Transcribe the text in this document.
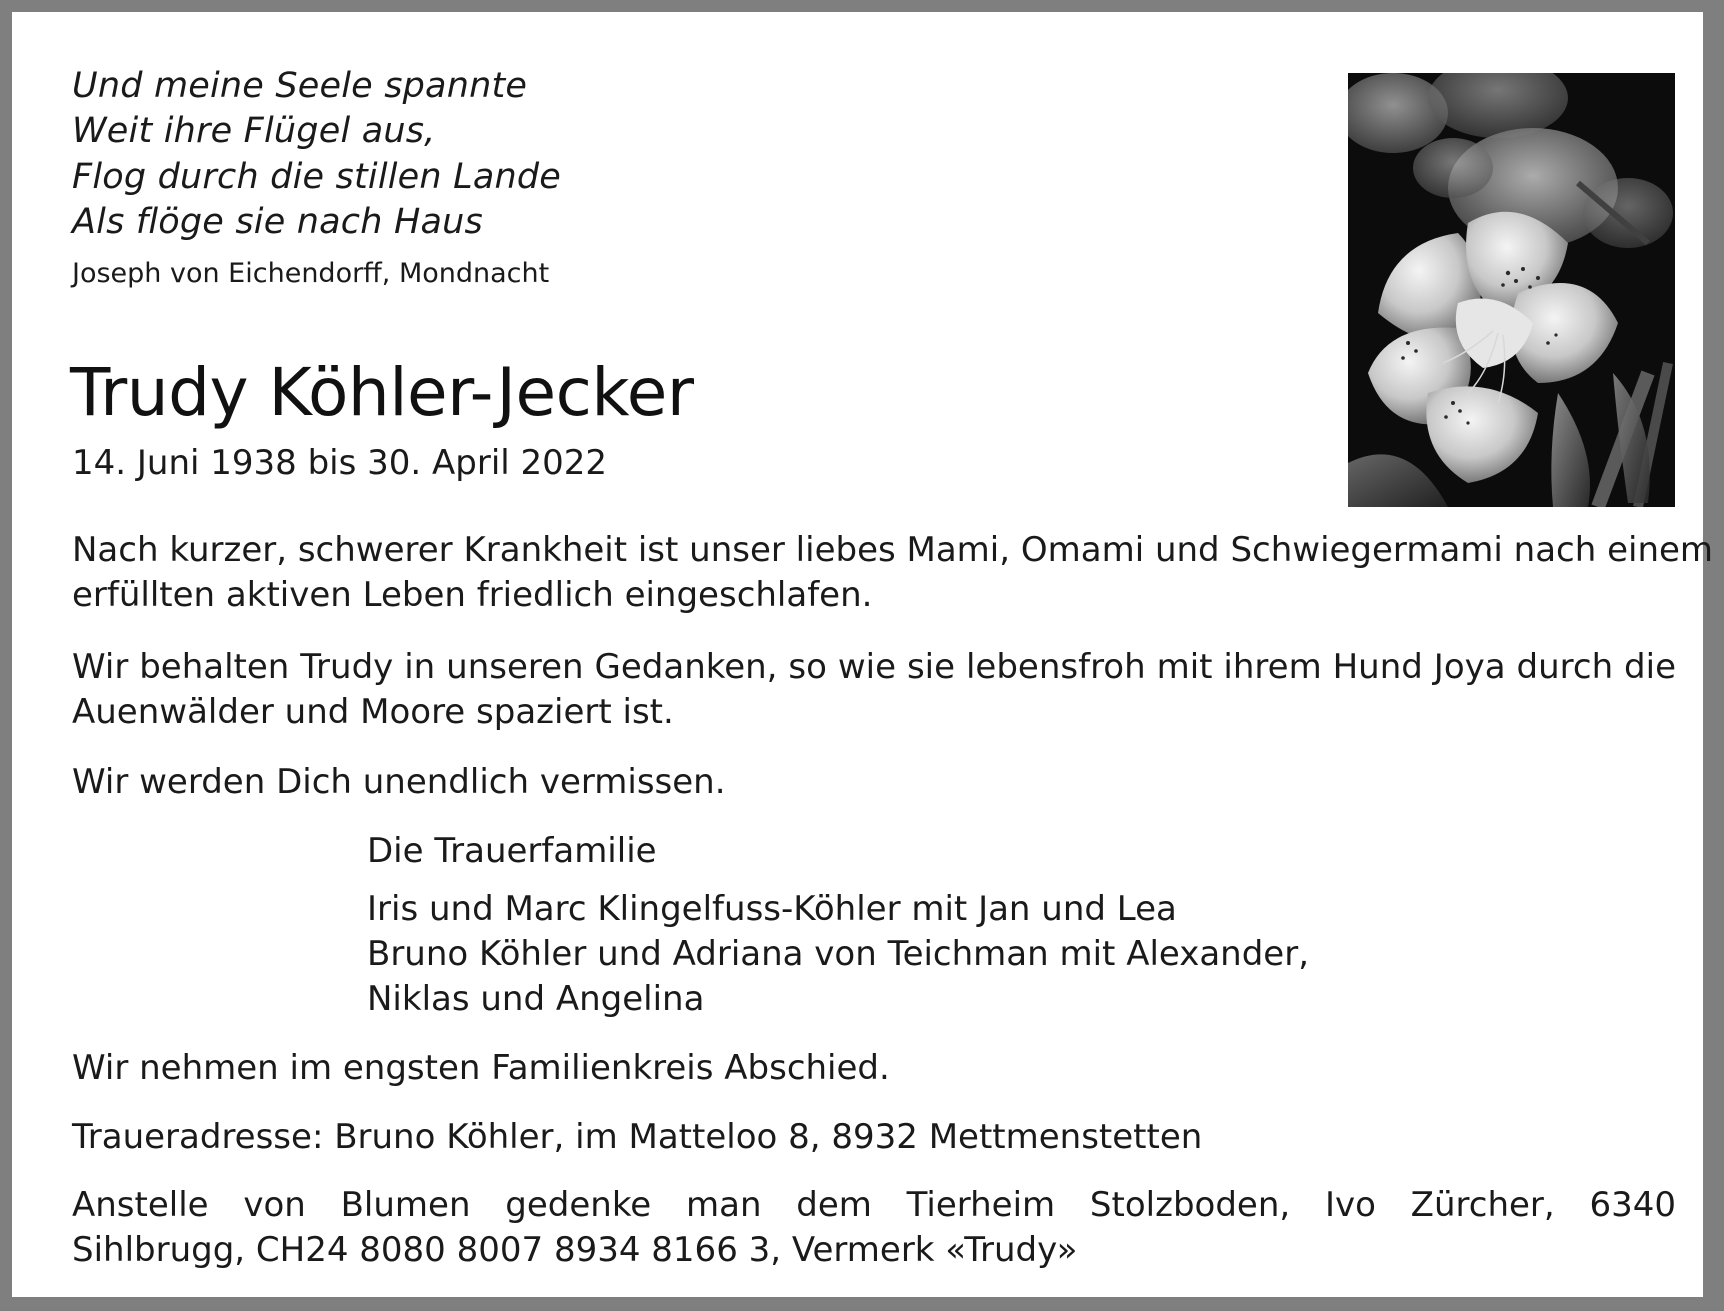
Und meine Seele spannte

Weit ihre Flügel aus,

Flog durch die stillen Lande

Als flöge sie nach Haus

Joseph von Eichendorff, Mondnacht

Trudy Köhler-Jecker

14. Juni 1938 bis 30. April 2022

Nach kurzer, schwerer Krankheit ist unser liebes Mami, Omami und Schwiegermami nach einem

erfüllten aktiven Leben friedlich eingeschlafen.

Wir behalten Trudy in unseren Gedanken, so wie sie lebensfroh mit ihrem Hund Joya durch die

Auenwälder und Moore spaziert ist.

Wir werden Dich unendlich vermissen.

Die Trauerfamilie

Iris und Marc Klingelfuss-Köhler mit Jan und Lea

Bruno Köhler und Adriana von Teichman mit Alexander,

Niklas und Angelina

Wir nehmen im engsten Familienkreis Abschied.

Traueradresse: Bruno Köhler, im Matteloo 8, 8932 Mettmenstetten

Anstelle von Blumen gedenke man dem Tierheim Stolzboden, Ivo Zürcher, 6340

Sihlbrugg, CH24 8080 8007 8934 8166 3, Vermerk «Trudy»
